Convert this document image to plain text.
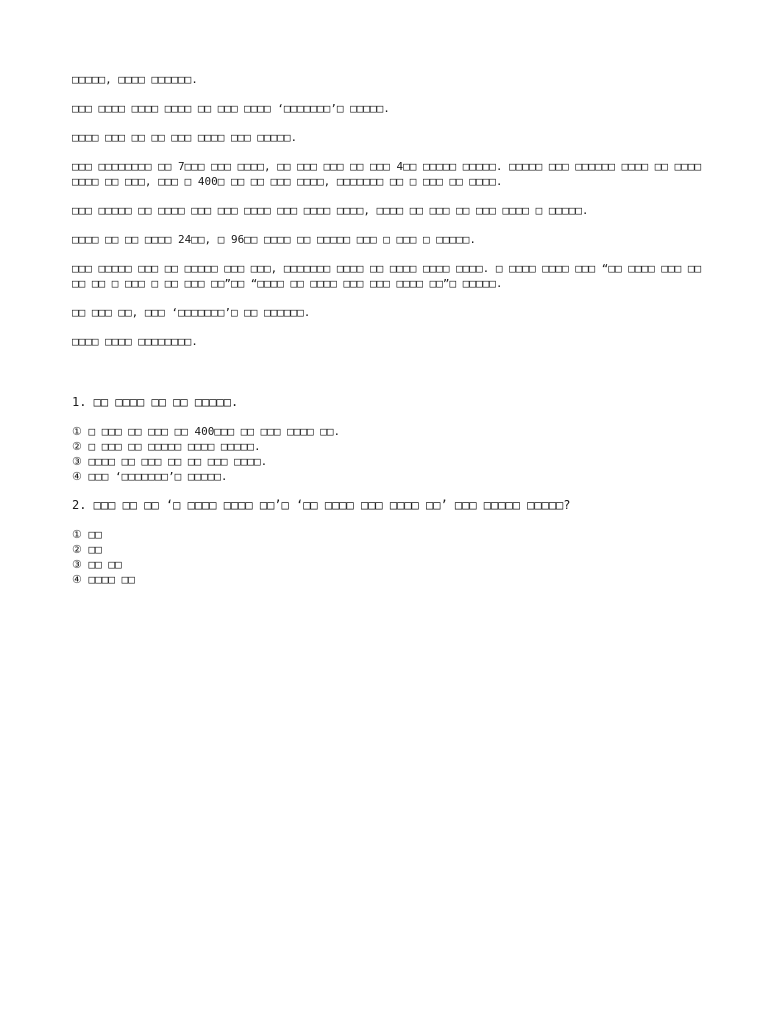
□□□□□, □□□□ □□□□□□.

□□□ □□□□ □□□□ □□□□ □□ □□□ □□□□ ‘□□□□□□□’□ □□□□□.

□□□□ □□□ □□ □□ □□□ □□□□ □□□ □□□□□.

□□□ □□□□□□□□ □□ 7□□□ □□□ □□□□, □□ □□□ □□□ □□ □□□ 4□□ □□□□□ □□□□□. □□□□□ □□□ □□□□□□ □□□□ □□ □□□□ □□□□ □□ □□□, □□□ □ 400□ □□ □□ □□□ □□□□, □□□□□□□ □□ □ □□□ □□ □□□□.

□□□ □□□□□ □□ □□□□ □□□ □□□ □□□□ □□□ □□□□ □□□□, □□□□ □□ □□□ □□ □□□ □□□□ □ □□□□□.

□□□□ □□ □□ □□□□ 24□□, □ 96□□ □□□□ □□ □□□□□ □□□ □ □□□ □ □□□□□.

□□□ □□□□□ □□□ □□ □□□□□ □□□ □□□, □□□□□□□ □□□□ □□ □□□□ □□□□ □□□□. □ □□□□ □□□□ □□□ “□□ □□□□ □□□ □□□□ □□ □ □□□ □ □□ □□□ □□”□□ “□□□□ □□ □□□□ □□□ □□□ □□□□ □□”□ □□□□□.

□□ □□□ □□, □□□ ‘□□□□□□□’□ □□ □□□□□□.

□□□□ □□□□ □□□□□□□□.

1. □□ □□□□ □□ □□ □□□□□.

① □ □□□ □□ □□□ □□ 400□□□ □□ □□□ □□□□ □□.
② □ □□□ □□ □□□□□ □□□□ □□□□□.
③ □□□□ □□ □□□ □□ □□ □□□ □□□□.
④ □□□ ‘□□□□□□□’□ □□□□□.

2. □□□ □□ □□ ‘□ □□□□ □□□□ □□’□ ‘□□ □□□□ □□□ □□□□ □□’ □□□ □□□□□ □□□□□?

① □□
② □□
③ □□ □□
④ □□□□ □□
